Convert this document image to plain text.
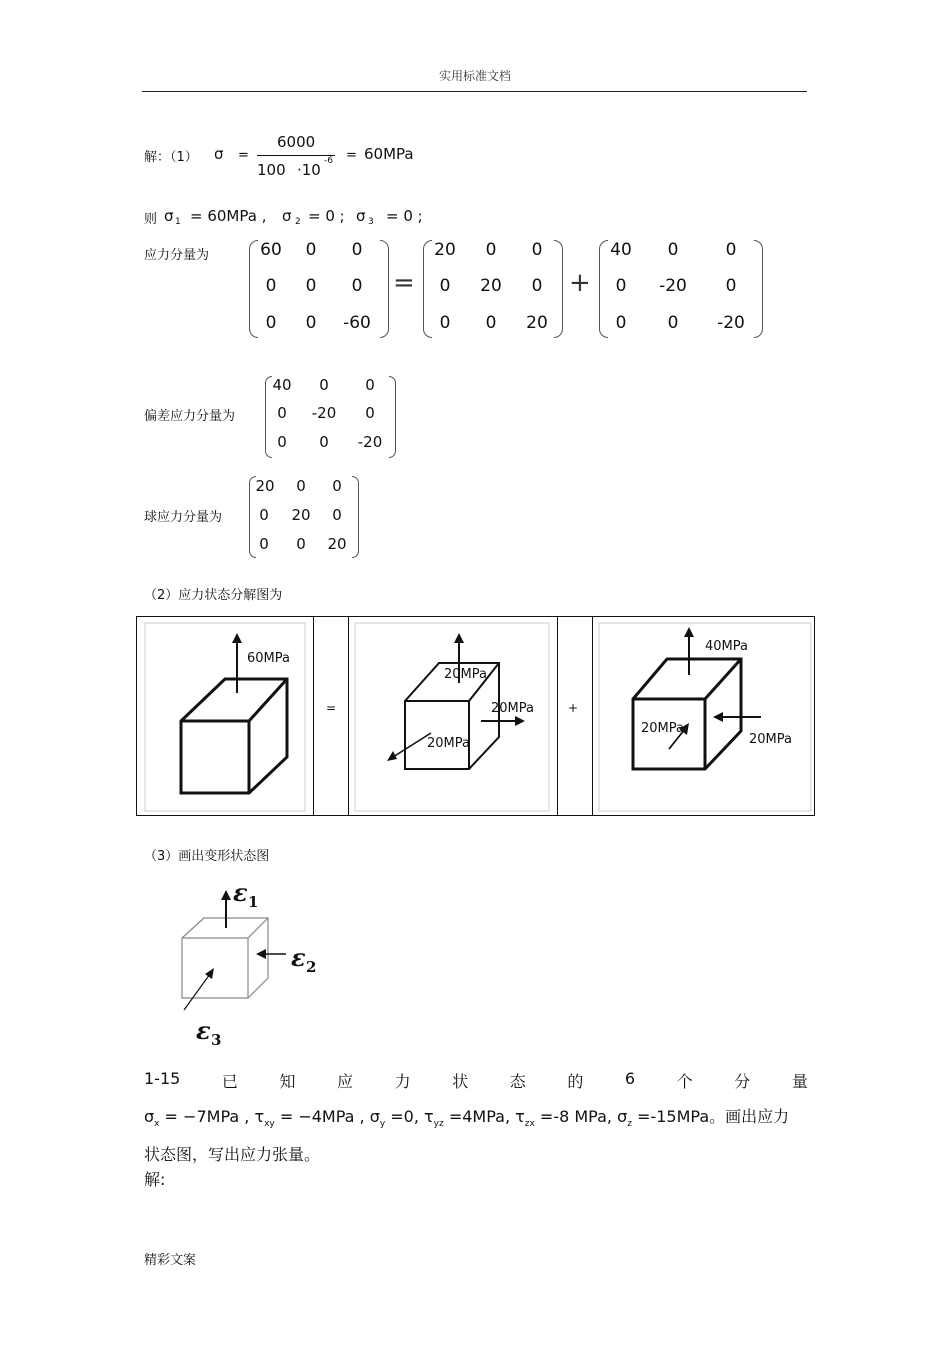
实用标准文档
解：（1） σ =
6000
100 ·10 -6 = 60MPa
则 σ 1 = 60MPa , σ 2 = 0 ; σ 3 = 0 ;
应力分量为	60	0	0
0	0	0
0	0	-60
=
20	0	0
0	20	0
0	0	20
+
40	0	0
0	-20	0
0	0	-20
偏差应力分量为
40	0	0
0	-20	0
0	0	-20
球应力分量为
20	0	0
0	20	0
0	0	20
（2）应力状态分解图为
60MPa

=

20MPa
20MPa
20MPa

+

40MPa
20MPa
20MPa
（3）画出变形状态图
ε 1
ε 2
ε 3
1-15	已	知	应	力	状	态	的	6	个	分	量
$\sigma_x = -7MPa$ , $\tau_{xy} = -4MPa$ , $\sigma_y =0$, $\tau_{yz} =4MPa$, $\tau_{zx} =-8$ MPa, $\sigma_z =-15MPa$。画出应力
状态图，写出应力张量。
解:
精彩文案
